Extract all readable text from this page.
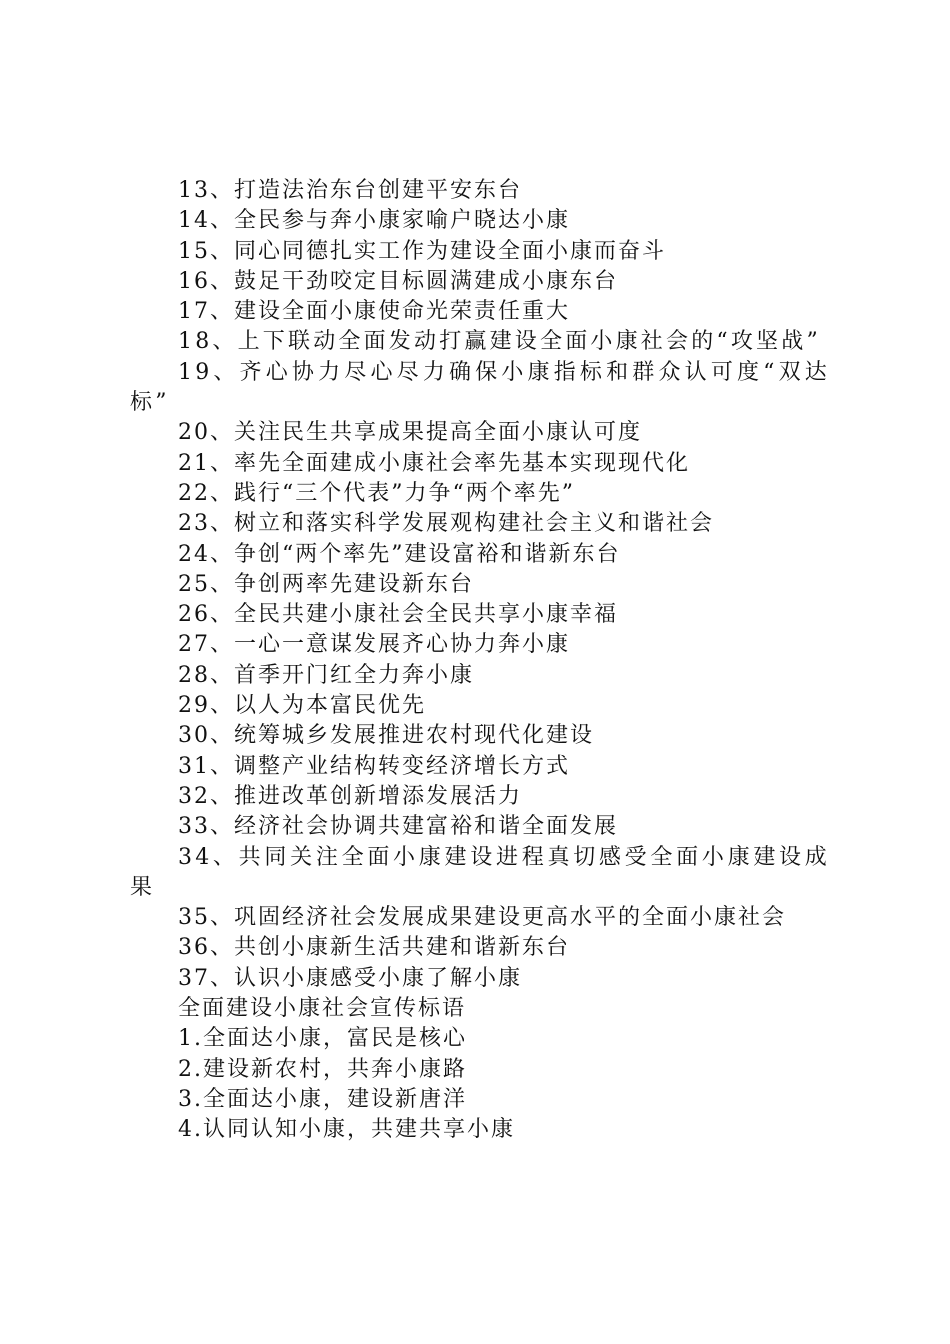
13、打造法治东台创建平安东台

14、全民参与奔小康家喻户晓达小康

15、同心同德扎实工作为建设全面小康而奋斗

16、鼓足干劲咬定目标圆满建成小康东台

17、建设全面小康使命光荣责任重大

18、上下联动全面发动打赢建设全面小康社会的“攻坚战”

19、齐心协力尽心尽力确保小康指标和群众认可度“双达标”

20、关注民生共享成果提高全面小康认可度

21、率先全面建成小康社会率先基本实现现代化

22、践行“三个代表”力争“两个率先”

23、树立和落实科学发展观构建社会主义和谐社会

24、争创“两个率先”建设富裕和谐新东台

25、争创两率先建设新东台

26、全民共建小康社会全民共享小康幸福

27、一心一意谋发展齐心协力奔小康

28、首季开门红全力奔小康

29、以人为本富民优先

30、统筹城乡发展推进农村现代化建设

31、调整产业结构转变经济增长方式

32、推进改革创新增添发展活力

33、经济社会协调共建富裕和谐全面发展

34、共同关注全面小康建设进程真切感受全面小康建设成果

35、巩固经济社会发展成果建设更高水平的全面小康社会

36、共创小康新生活共建和谐新东台

37、认识小康感受小康了解小康

全面建设小康社会宣传标语

1.全面达小康，富民是核心

2.建设新农村，共奔小康路

3.全面达小康，建设新唐洋

4.认同认知小康，共建共享小康
